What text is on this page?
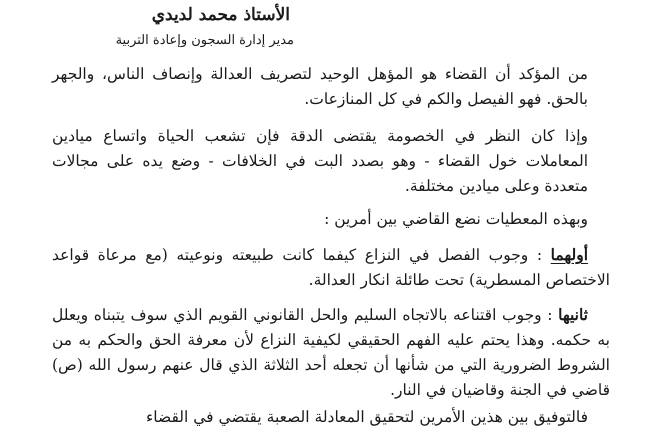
الأستاذ محمد لديدي
مدير إدارة السجون وإعادة التربية
من المؤكد أن القضاء هو المؤهل الوحيد لتصريف العدالة وإنصاف الناس، والجهر بالحق. فهو الفيصل والكم في كل المنازعات.
وإذا كان النظر في الخصومة يقتضى الدقة فإن تشعب الحياة واتساع ميادين المعاملات خول القضاء - وهو بصدد البت في الخلافات - وضع يده على مجالات متعددة وعلى ميادين مختلفة.
وبهذه المعطيات نضع القاضي بين أمرين :
أولهما : وجوب الفصل في النزاع كيفما كانت طبيعته ونوعيته (مع مرعاة قواعد الاختصاص المسطرية) تحت طائلة انكار العدالة.
ثانيها : وجوب اقتناعه بالاتجاه السليم والحل القانوني القويم الذي سوف يتبناه ويعلل به حكمه. وهذا يحتم عليه الفهم الحقيقي لكيفية النزاع لأن معرفة الحق والحكم به من الشروط الضرورية التي من شأنها أن تجعله أحد الثلاثة الذي قال عنهم رسول الله (ص) قاضي في الجنة وقاضيان في النار.
فالتوفيق بين هذين الأمرين لتحقيق المعادلة الصعبة يقتضي في القضاء
